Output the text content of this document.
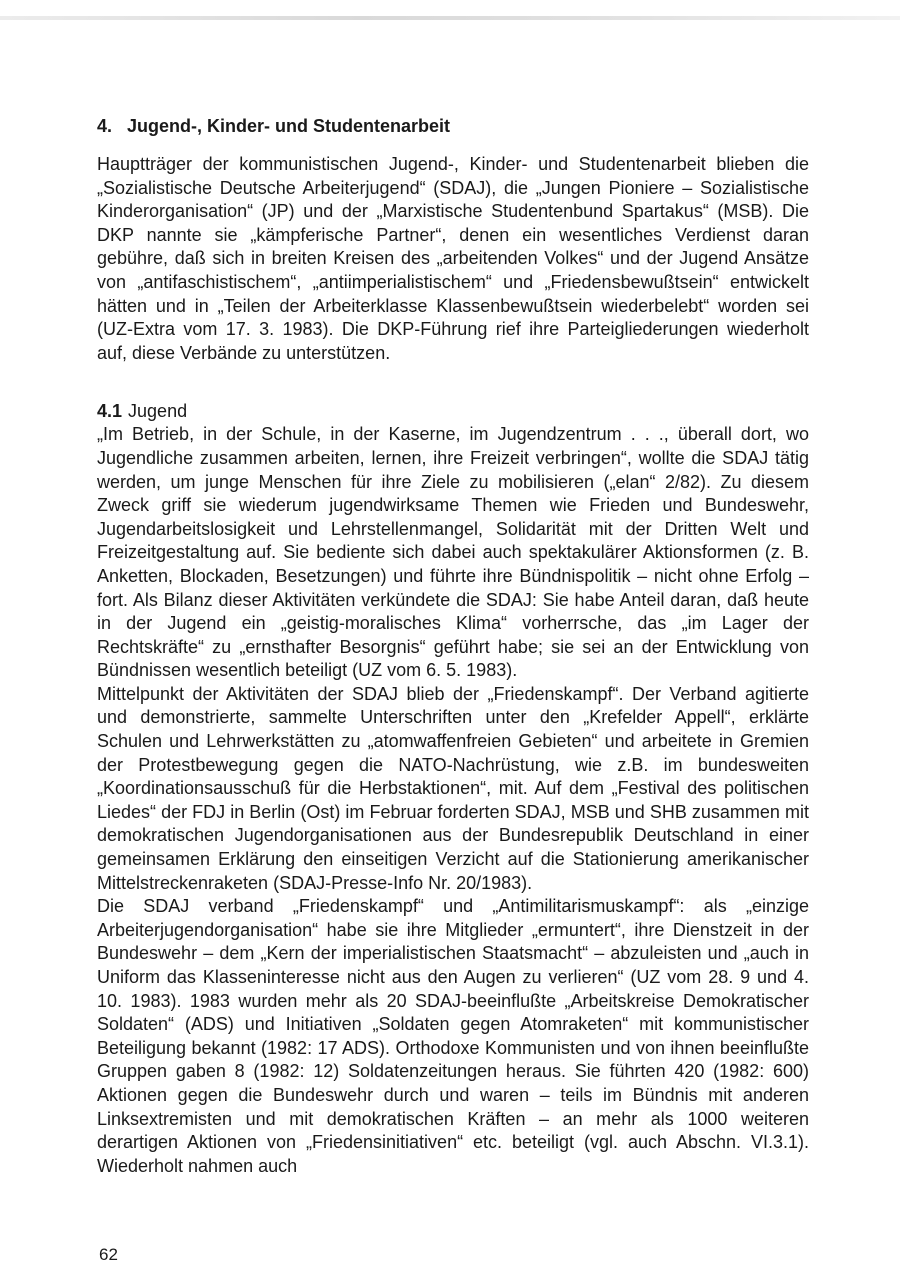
4. Jugend-, Kinder- und Studentenarbeit

Hauptträger der kommunistischen Jugend-, Kinder- und Studentenarbeit blieben die „Sozialistische Deutsche Arbeiterjugend“ (SDAJ), die „Jungen Pioniere – Sozialistische Kinderorganisation“ (JP) und der „Marxistische Studentenbund Spartakus“ (MSB). Die DKP nannte sie „kämpferische Partner“, denen ein wesentliches Verdienst daran gebühre, daß sich in breiten Kreisen des „arbeitenden Volkes“ und der Jugend Ansätze von „antifaschistischem“, „antiimperialistischem“ und „Friedensbewußtsein“ entwickelt hätten und in „Teilen der Arbeiterklasse Klassenbewußtsein wiederbelebt“ worden sei (UZ-Extra vom 17. 3. 1983). Die DKP-Führung rief ihre Parteigliederungen wiederholt auf, diese Verbände zu unterstützen.

4.1 Jugend

„Im Betrieb, in der Schule, in der Kaserne, im Jugendzentrum . . ., überall dort, wo Jugendliche zusammen arbeiten, lernen, ihre Freizeit verbringen“, wollte die SDAJ tätig werden, um junge Menschen für ihre Ziele zu mobilisieren („elan“ 2/82). Zu diesem Zweck griff sie wiederum jugendwirksame Themen wie Frieden und Bundeswehr, Jugendarbeitslosigkeit und Lehrstellenmangel, Solidarität mit der Dritten Welt und Freizeitgestaltung auf. Sie bediente sich dabei auch spektakulärer Aktionsformen (z. B. Anketten, Blockaden, Besetzungen) und führte ihre Bündnispolitik – nicht ohne Erfolg – fort. Als Bilanz dieser Aktivitäten verkündete die SDAJ: Sie habe Anteil daran, daß heute in der Jugend ein „geistig-moralisches Klima“ vorherrsche, das „im Lager der Rechtskräfte“ zu „ernsthafter Besorgnis“ geführt habe; sie sei an der Entwicklung von Bündnissen wesentlich beteiligt (UZ vom 6. 5. 1983).

Mittelpunkt der Aktivitäten der SDAJ blieb der „Friedenskampf“. Der Verband agitierte und demonstrierte, sammelte Unterschriften unter den „Krefelder Appell“, erklärte Schulen und Lehrwerkstätten zu „atomwaffenfreien Gebieten“ und arbeitete in Gremien der Protestbewegung gegen die NATO-Nachrüstung, wie z.B. im bundesweiten „Koordinationsausschuß für die Herbstaktionen“, mit. Auf dem „Festival des politischen Liedes“ der FDJ in Berlin (Ost) im Februar forderten SDAJ, MSB und SHB zusammen mit demokratischen Jugendorganisationen aus der Bundesrepublik Deutschland in einer gemeinsamen Erklärung den einseitigen Verzicht auf die Stationierung amerikanischer Mittelstreckenraketen (SDAJ-Presse-Info Nr. 20/1983).

Die SDAJ verband „Friedenskampf“ und „Antimilitarismuskampf“: als „einzige Arbeiterjugendorganisation“ habe sie ihre Mitglieder „ermuntert“, ihre Dienstzeit in der Bundeswehr – dem „Kern der imperialistischen Staatsmacht“ – abzuleisten und „auch in Uniform das Klasseninteresse nicht aus den Augen zu verlieren“ (UZ vom 28. 9 und 4. 10. 1983). 1983 wurden mehr als 20 SDAJ-beeinflußte „Arbeitskreise Demokratischer Soldaten“ (ADS) und Initiativen „Soldaten gegen Atomraketen“ mit kommunistischer Beteiligung bekannt (1982: 17 ADS). Orthodoxe Kommunisten und von ihnen beeinflußte Gruppen gaben 8 (1982: 12) Soldatenzeitungen heraus. Sie führten 420 (1982: 600) Aktionen gegen die Bundeswehr durch und waren – teils im Bündnis mit anderen Linksextremisten und mit demokratischen Kräften – an mehr als 1000 weiteren derartigen Aktionen von „Friedensinitiativen“ etc. beteiligt (vgl. auch Abschn. VI.3.1). Wiederholt nahmen auch

62
